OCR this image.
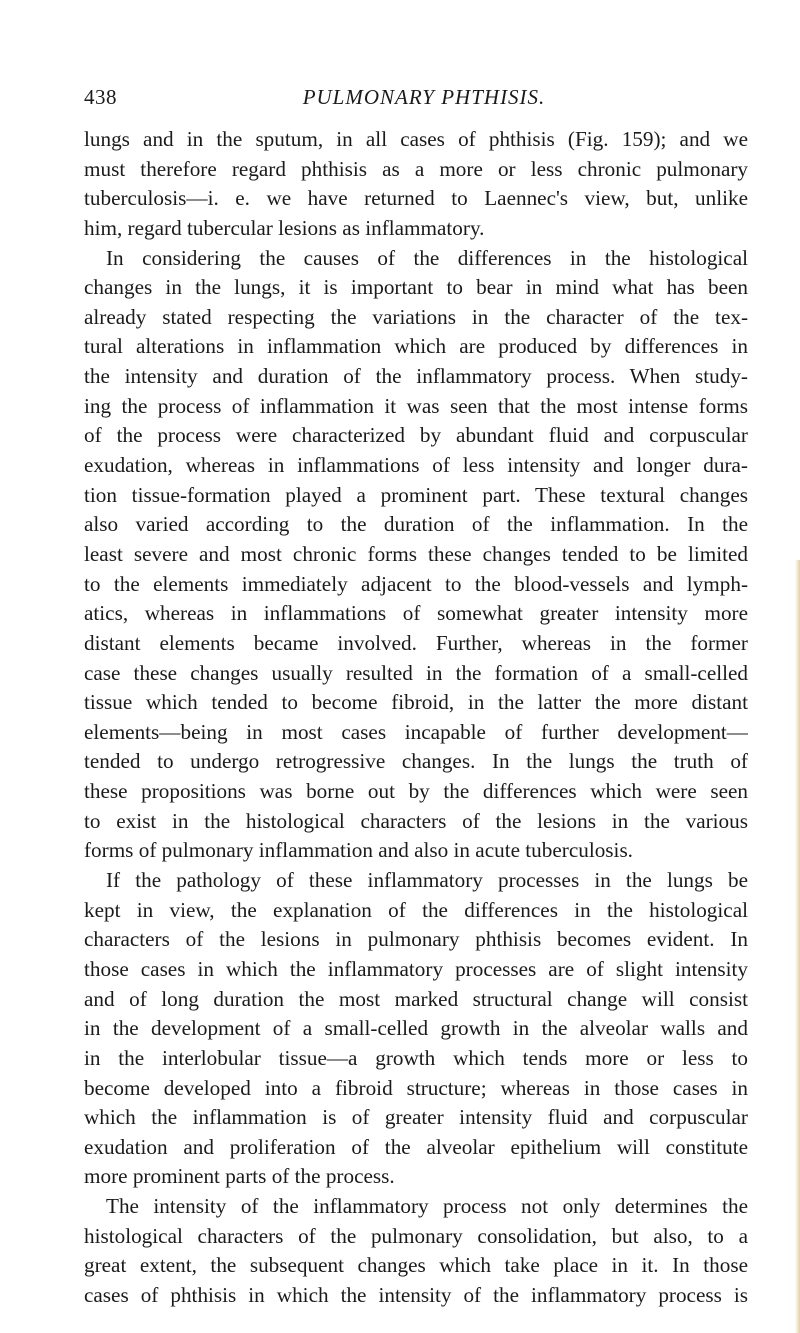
438	PULMONARY PHTHISIS.
lungs and in the sputum, in all cases of phthisis (Fig. 159); and we
must therefore regard phthisis as a more or less chronic pulmonary
tuberculosis—i. e. we have returned to Laennec's view, but, unlike
him, regard tubercular lesions as inflammatory.
In considering the causes of the differences in the histological
changes in the lungs, it is important to bear in mind what has been
already stated respecting the variations in the character of the tex-
tural alterations in inflammation which are produced by differences in
the intensity and duration of the inflammatory process. When study-
ing the process of inflammation it was seen that the most intense forms
of the process were characterized by abundant fluid and corpuscular
exudation, whereas in inflammations of less intensity and longer dura-
tion tissue-formation played a prominent part. These textural changes
also varied according to the duration of the inflammation. In the
least severe and most chronic forms these changes tended to be limited
to the elements immediately adjacent to the blood-vessels and lymph-
atics, whereas in inflammations of somewhat greater intensity more
distant elements became involved. Further, whereas in the former
case these changes usually resulted in the formation of a small-celled
tissue which tended to become fibroid, in the latter the more distant
elements—being in most cases incapable of further development—
tended to undergo retrogressive changes. In the lungs the truth of
these propositions was borne out by the differences which were seen
to exist in the histological characters of the lesions in the various
forms of pulmonary inflammation and also in acute tuberculosis.
If the pathology of these inflammatory processes in the lungs be
kept in view, the explanation of the differences in the histological
characters of the lesions in pulmonary phthisis becomes evident. In
those cases in which the inflammatory processes are of slight intensity
and of long duration the most marked structural change will consist
in the development of a small-celled growth in the alveolar walls and
in the interlobular tissue—a growth which tends more or less to
become developed into a fibroid structure; whereas in those cases in
which the inflammation is of greater intensity fluid and corpuscular
exudation and proliferation of the alveolar epithelium will constitute
more prominent parts of the process.
The intensity of the inflammatory process not only determines the
histological characters of the pulmonary consolidation, but also, to a
great extent, the subsequent changes which take place in it. In those
cases of phthisis in which the intensity of the inflammatory process is
